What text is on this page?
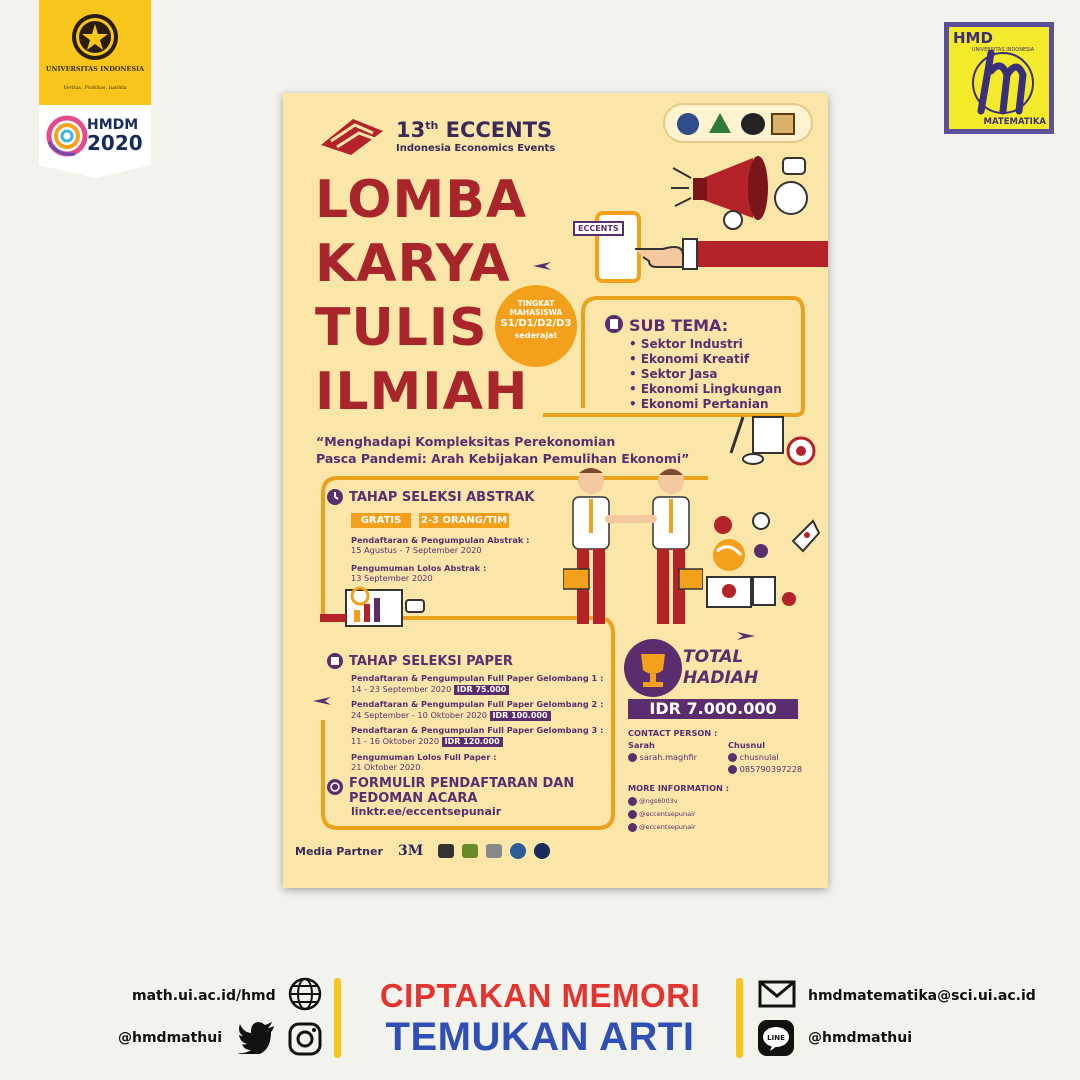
UNIVERSITAS INDONESIA
Veritas, Probitas, Iustitia
HMDM
2020
HMD
UNIVERSITAS INDONESIA
MATEMATIKA
13th ECCENTS
Indonesia Economics Events
LOMBA
KARYA
TULIS
ILMIAH
ECCENTS
TINGKAT
MAHASISWA
S1/D1/D2/D3
sederajat
SUB TEMA:
• Sektor Industri
• Ekonomi Kreatif
• Sektor Jasa
• Ekonomi Lingkungan
• Ekonomi Pertanian
“Menghadapi Kompleksitas Perekonomian
Pasca Pandemi: Arah Kebijakan Pemulihan Ekonomi”
TAHAP SELEKSI ABSTRAK
GRATIS	2-3 ORANG/TIM
Pendaftaran & Pengumpulan Abstrak :
15 Agustus - 7 September 2020
Pengumuman Lolos Abstrak :
13 September 2020
TAHAP SELEKSI PAPER
Pendaftaran & Pengumpulan Full Paper Gelombang 1 :
14 - 23 September 2020 IDR 75.000
Pendaftaran & Pengumpulan Full Paper Gelombang 2 :
24 September - 10 Oktober 2020 IDR 100.000
Pendaftaran & Pengumpulan Full Paper Gelombang 3 :
11 - 16 Oktober 2020 IDR 120.000
Pengumuman Lolos Full Paper :
21 Oktober 2020
FORMULIR PENDAFTARAN DAN
PEDOMAN ACARA
linktr.ee/eccentsepunair
TOTAL
HADIAH
IDR 7.000.000
CONTACT PERSON :
Sarah
sarah.maghfir
Chusnul
chusnulal
085790397228
MORE INFORMATION :
@ngs6003v
@eccentsepunair
@eccentsepunair
Media Partner 3M
math.ui.ac.id/hmd
@hmdmathui
CIPTAKAN MEMORI
TEMUKAN ARTI
hmdmatematika@sci.ui.ac.id
LINE @hmdmathui
